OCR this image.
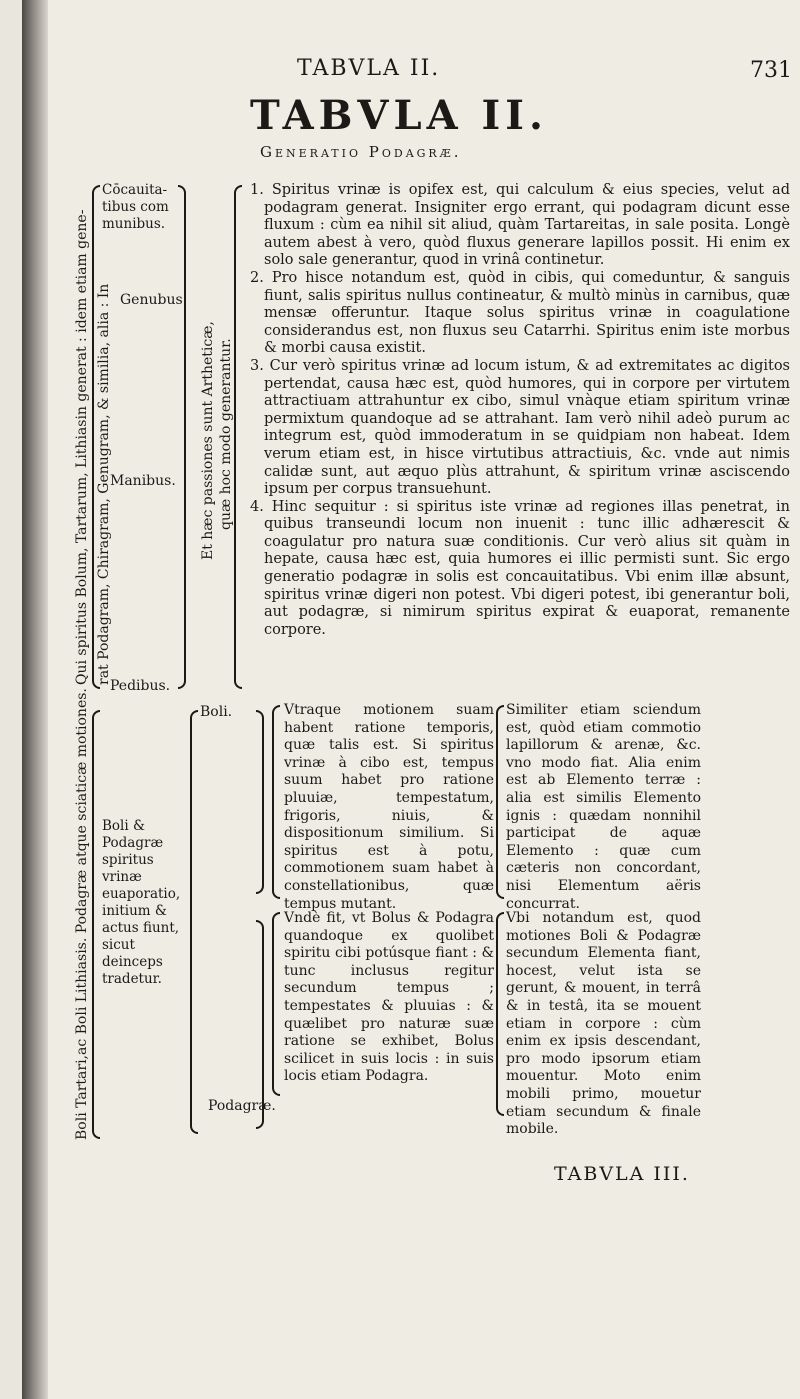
TABVLA II.	731
TABVLA II.
Generatio Podagræ.
Qui spiritus Bolum, Tartarum, Lithiasin generat : idem etiam gene- rat Podagram, Chiragram, Genugram, & similia, alia : In
Boli Tartari,ac Boli Lithiasis. Podagræ atque sciaticæ motiones.
Cōcauita-tibus com munibus.
Genubus.
Manibus.
Pedibus.
Et hæc passiones sunt Artheticæ, quæ hoc modo generantur.

1. Spiritus vrinæ is opifex est, qui calculum & eius species, velut ad podagram generat. Insigniter ergo errant, qui podagram dicunt esse fluxum : cùm ea nihil sit aliud, quàm Tartareitas, in sale posita. Longè autem abest à vero, quòd fluxus generare lapillos possit. Hi enim ex solo sale generantur, quod in vrinâ continetur.

2. Pro hisce notandum est, quòd in cibis, qui comeduntur, & sanguis fiunt, salis spiritus nullus contineatur, & multò minùs in carnibus, quæ mensæ offeruntur. Itaque solus spiritus vrinæ in coagulatione considerandus est, non fluxus seu Catarrhi. Spiritus enim iste morbus & morbi causa existit.

3. Cur verò spiritus vrinæ ad locum istum, & ad extremitates ac digitos pertendat, causa hæc est, quòd humores, qui in corpore per virtutem attractiuam attrahuntur ex cibo, simul vnàque etiam spiritum vrinæ permixtum quandoque ad se attrahant. Iam verò nihil adeò purum ac integrum est, quòd immoderatum in se quidpiam non habeat. Idem verum etiam est, in hisce virtutibus attractiuis, &c. vnde aut nimis calidæ sunt, aut æquo plùs attrahunt, & spiritum vrinæ asciscendo ipsum per corpus transuehunt.

4. Hinc sequitur : si spiritus iste vrinæ ad regiones illas penetrat, in quibus transeundi locum non inuenit : tunc illic adhærescit & coagulatur pro natura suæ conditionis. Cur verò alius sit quàm in hepate, causa hæc est, quia humores ei illic permisti sunt. Sic ergo generatio podagræ in solis est concauitatibus. Vbi enim illæ absunt, spiritus vrinæ digeri non potest. Vbi digeri potest, ibi generantur boli, aut podagræ, si nimirum spiritus expirat & euaporat, remanente corpore.

Boli & Podagræ spiritus vrinæ euaporatio, initium & actus fiunt, sicut deinceps tradetur.
Boli.
Podagræ.
Vtraque motionem suam habent ratione temporis, quæ talis est. Si spiritus vrinæ à cibo est, tempus suum habet pro ratione pluuiæ, tempestatum, frigoris, niuis, & dispositionum similium. Si spiritus est à potu, commotionem suam habet à constellationibus, quæ tempus mutant.
Vndè fit, vt Bolus & Podagra quandoque ex quolibet spiritu cibi potúsque fiant : & tunc inclusus regitur secundum tempus ; tempestates & pluuias : & quælibet pro naturæ suæ ratione se exhibet, Bolus scilicet in suis locis : in suis locis etiam Podagra.
Similiter etiam sciendum est, quòd etiam commotio lapillorum & arenæ, &c. vno modo fiat. Alia enim est ab Elemento terræ : alia est similis Elemento ignis : quædam nonnihil participat de aquæ Elemento : quæ cum cæteris non concordant, nisi Elementum aëris concurrat.
Vbi notandum est, quod motiones Boli & Podagræ secundum Elementa fiant, hocest, velut ista se gerunt, & mouent, in terrâ & in testâ, ita se mouent etiam in corpore : cùm enim ex ipsis descendant, pro modo ipsorum etiam mouentur. Moto enim mobili primo, mouetur etiam secundum & finale mobile.
TABVLA III.
